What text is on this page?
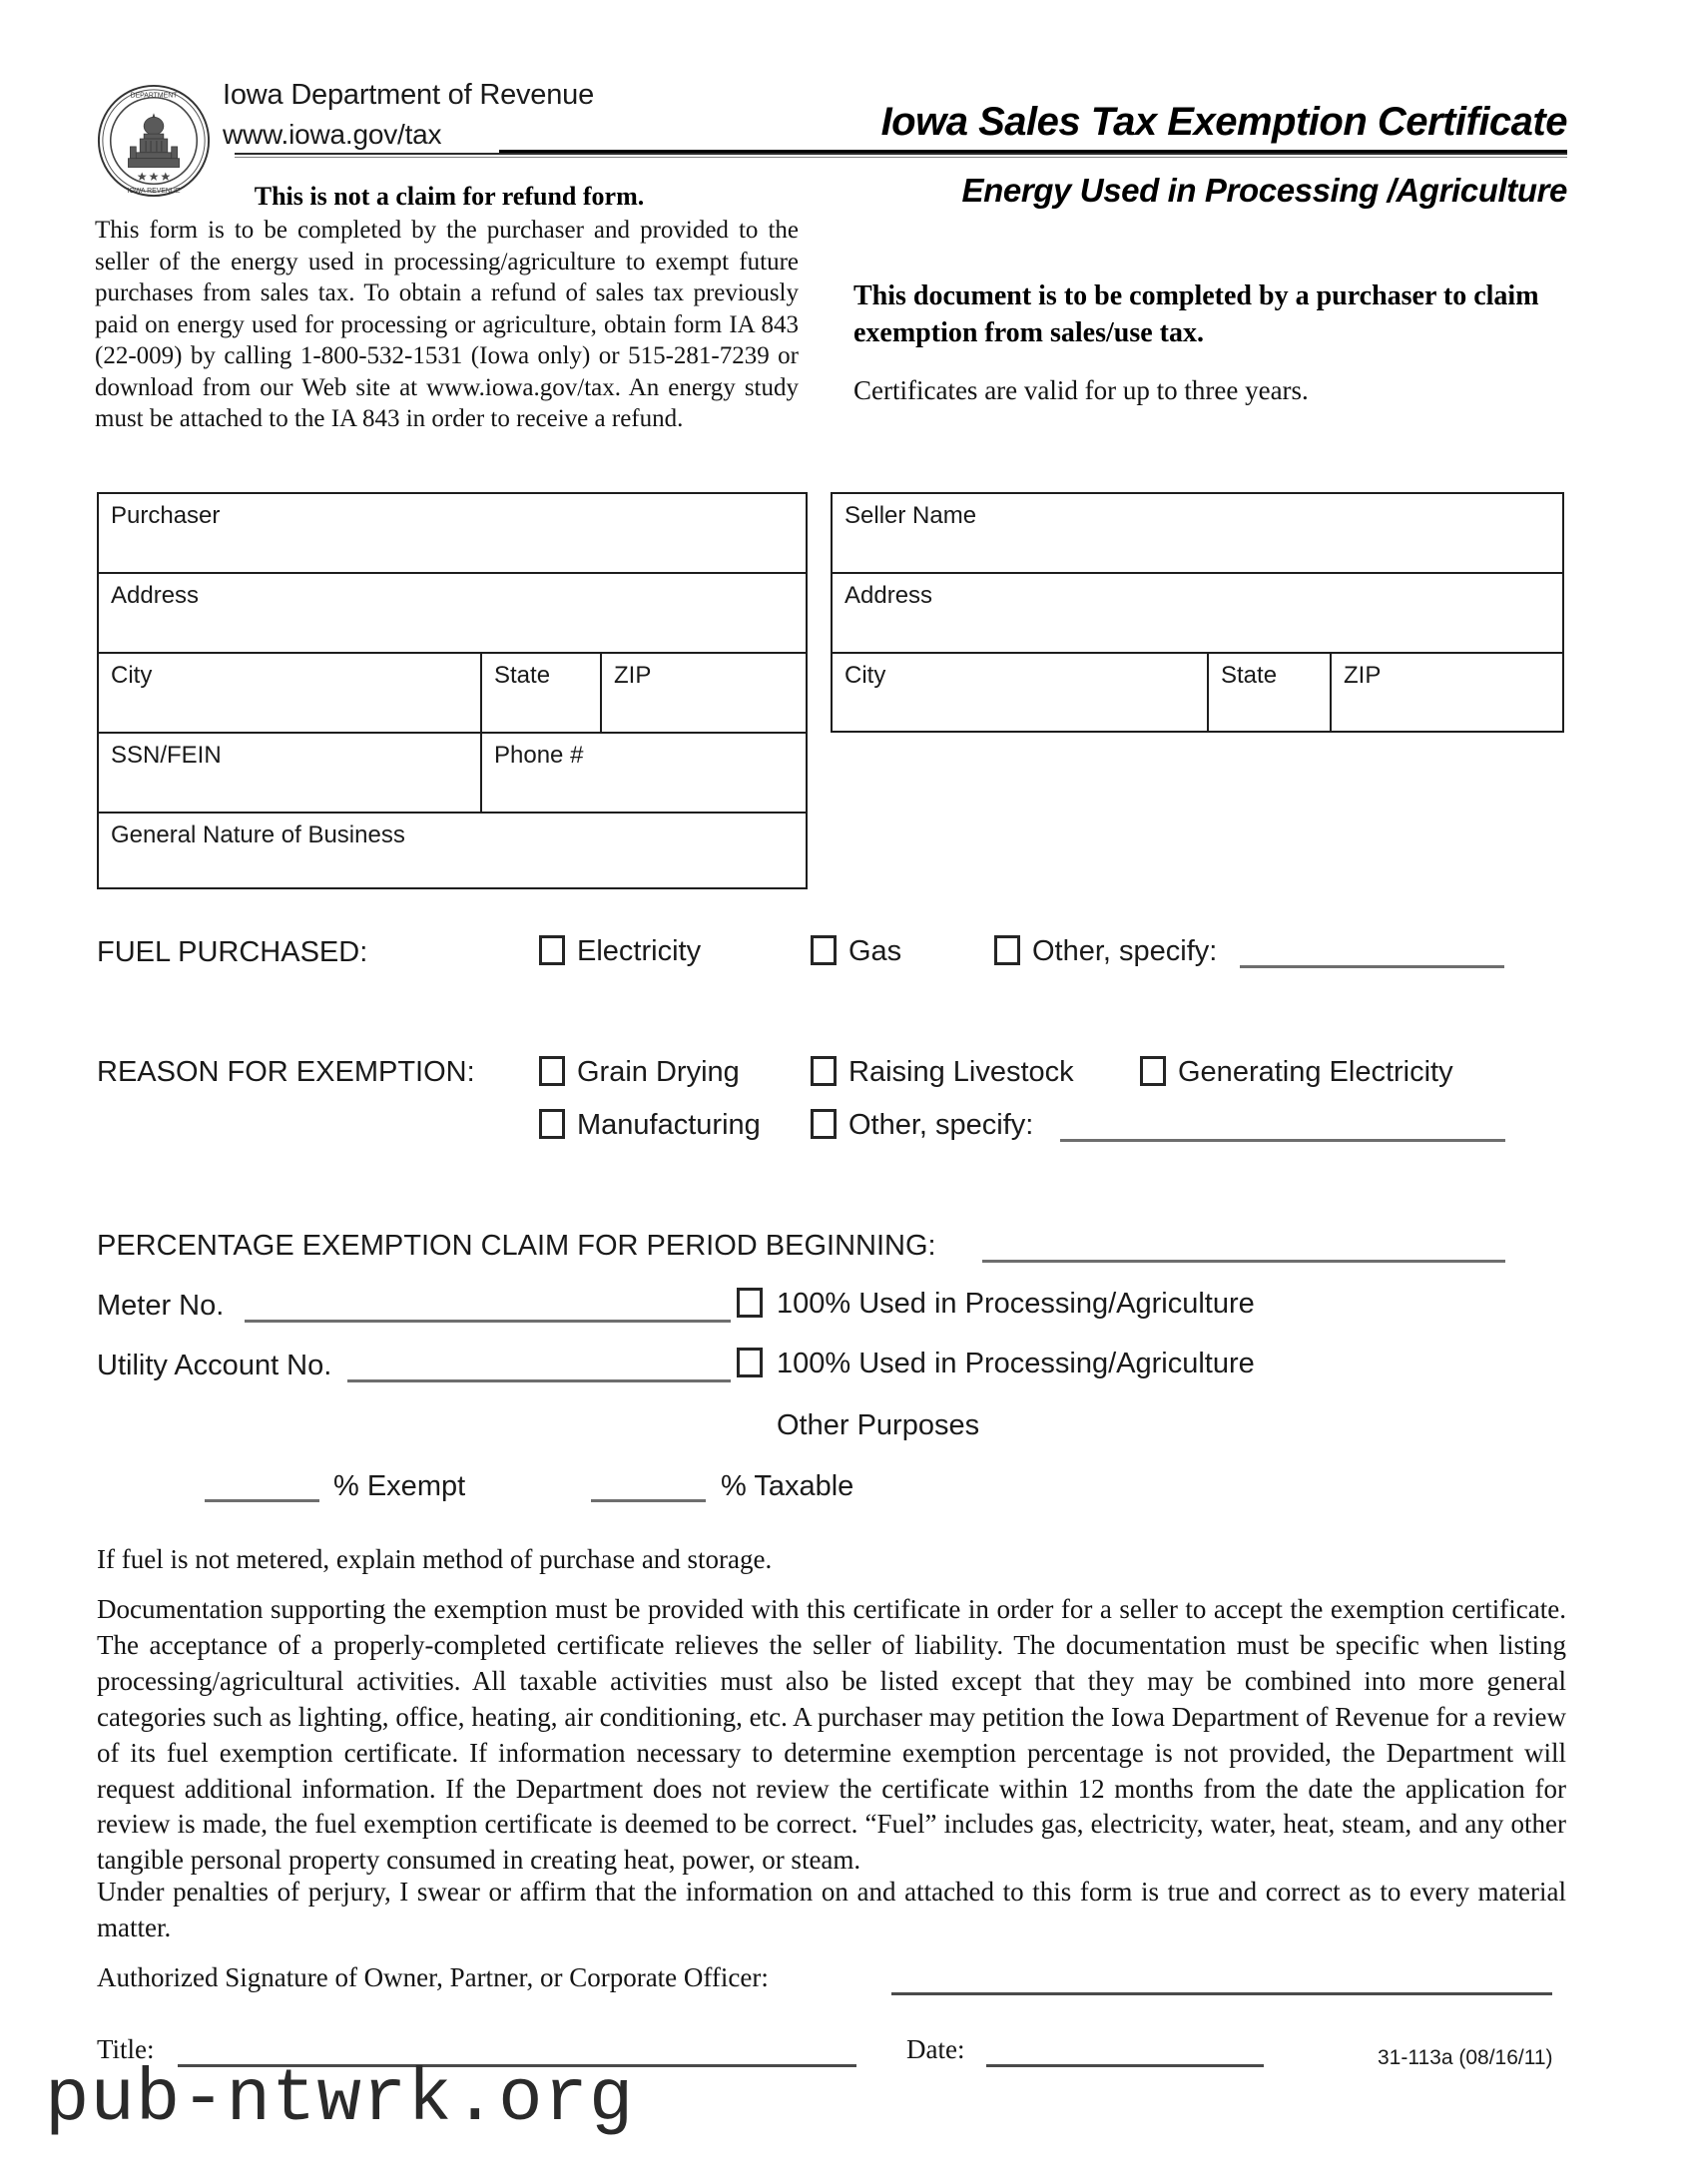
DEPARTMENT
IOWA REVENUE
Iowa Department of Revenue
www.iowa.gov/tax	Iowa Sales Tax Exemption Certificate
Energy Used in Processing /Agriculture
This is not a claim for refund form.
This form is to be completed by the purchaser and provided to the seller of the energy used in processing/agriculture to exempt future purchases from sales tax. To obtain a refund of sales tax previously paid on energy used for processing or agriculture, obtain form IA 843 (22-009) by calling 1-800-532-1531 (Iowa only) or 515-281-7239 or download from our Web site at www.iowa.gov/tax. An energy study must be attached to the IA 843 in order to receive a refund.
This document is to be completed by a purchaser to claim exemption from sales/use tax.
Certificates are valid for up to three years.
Purchaser
Address
City	State	ZIP
SSN/FEIN	Phone #
General Nature of Business
Seller Name
Address
City	State	ZIP
FUEL PURCHASED:	Electricity	Gas	Other, specify:
REASON FOR EXEMPTION:	Grain Drying	Raising Livestock	Generating Electricity
Manufacturing	Other, specify:
PERCENTAGE EXEMPTION CLAIM FOR PERIOD BEGINNING:
Meter No.	100% Used in Processing/Agriculture
Utility Account No.	100% Used in Processing/Agriculture
Other Purposes
% Exempt	% Taxable
If fuel is not metered, explain method of purchase and storage.
Documentation supporting the exemption must be provided with this certificate in order for a seller to accept the exemption certificate. The acceptance of a properly-completed certificate relieves the seller of liability. The documentation must be specific when listing processing/agricultural activities. All taxable activities must also be listed except that they may be combined into more general categories such as lighting, office, heating, air conditioning, etc. A purchaser may petition the Iowa Department of Revenue for a review of its fuel exemption certificate. If information necessary to determine exemption percentage is not provided, the Department will request additional information. If the Department does not review the certificate within 12 months from the date the application for review is made, the fuel exemption certificate is deemed to be correct. “Fuel” includes gas, electricity, water, heat, steam, and any other tangible personal property consumed in creating heat, power, or steam.
Under penalties of perjury, I swear or affirm that the information on and attached to this form is true and correct as to every material matter.
Authorized Signature of Owner, Partner, or Corporate Officer:
Title:	Date:	31-113a (08/16/11)
pub-ntwrk.org
